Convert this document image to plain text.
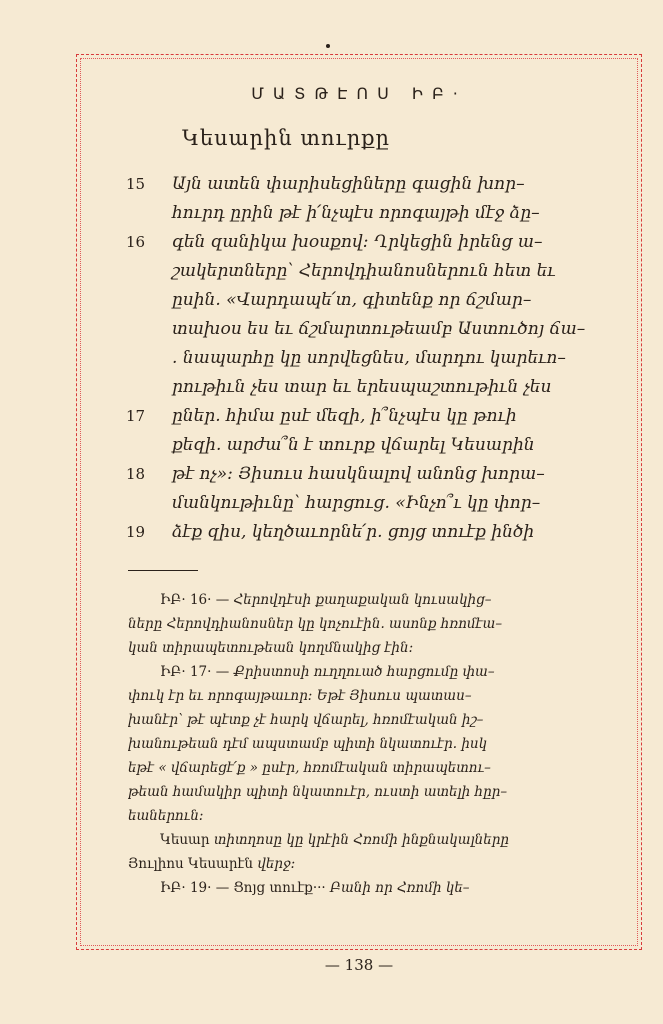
ՄԱՏԹԷՈՍ ԻԲ·
Կեսարին տուրքը
15 Այն ատեն փարիսեցիները գացին խոր–
հուրդ ըրին թէ ի՛նչպէս որոգայթի մէջ ձը–
16 գեն զանիկա խօսքով։ Ղրկեցին իրենց ա–
շակերտները՝ Հերովդիանոսներուն հետ եւ
ըսին. «Վարդապե՛տ, գիտենք որ ճշմար–
տախօս ես եւ ճշմարտութեամբ Աստուծոյ ճա–
. նապարհը կը սորվեցնես, մարդու կարեւո–
րութիւն չես տար եւ երեսպաշտութիւն չես
17 ըներ. հիմա ըսէ մեզի, ի՞նչպէս կը թուի
քեզի. արժա՞ն է տուրք վճարել Կեսարին
18 թէ ոչ»։ Յիսուս հասկնալով անոնց խորա–
մանկութիւնը՝ հարցուց. «Ինչո՞ւ կը փոր–
19 ձէք զիս, կեղծաւորնե՛ր. ցոյց տուէք ինծի
ԻԲ· 16· — Հերովդէսի քաղաքական կուսակից–
ները Հերովդիանոսներ կը կոչուէին. ասոնք հռոմէա–
կան տիրապետութեան կողմնակից էին։
ԻԲ· 17· — Քրիստոսի ուղղուած հարցումը փա–
փուկ էր եւ որոգայթաւոր։ Եթէ Յիսուս պատաս–
խանէր՝ թէ պէտք չէ հարկ վճարել, հռոմէական իշ–
խանութեան դէմ ապստամբ պիտի նկատուէր. իսկ
եթէ « վճարեցէ՛ք » ըսէր, հռոմէական տիրապետու–
թեան համակիր պիտի նկատուէր, ուստի ատելի հըր–
եաներուն։
Կեսար տիտղոսը կը կրէին Հռոմի ինքնակալները
Յուլիոս Կեսարէն վերջ։
ԻԲ· 19· — Ցոյց տուէք··· Բանի որ Հռոմի կե–
— 138 —
